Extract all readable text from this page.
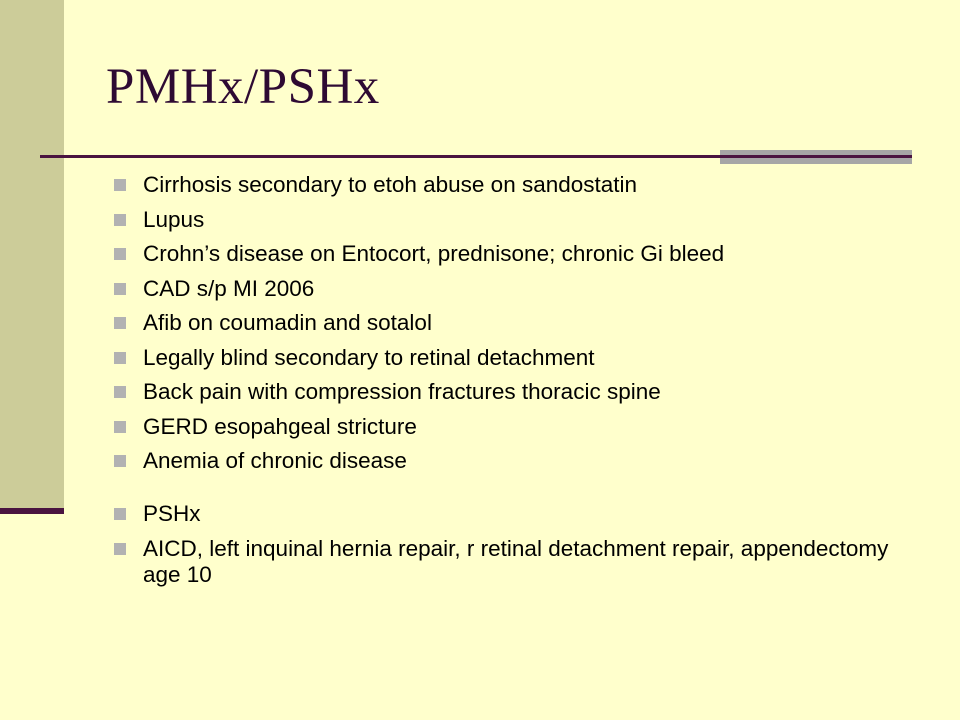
PMHx/PSHx
Cirrhosis secondary to etoh abuse on sandostatin
Lupus
Crohn’s disease on Entocort, prednisone; chronic Gi bleed
CAD s/p MI 2006
Afib on coumadin and sotalol
Legally blind secondary to retinal detachment
Back pain with compression fractures thoracic spine
GERD esopahgeal stricture
Anemia of chronic disease
PSHx
AICD, left inquinal hernia repair, r retinal detachment repair, appendectomy age 10
